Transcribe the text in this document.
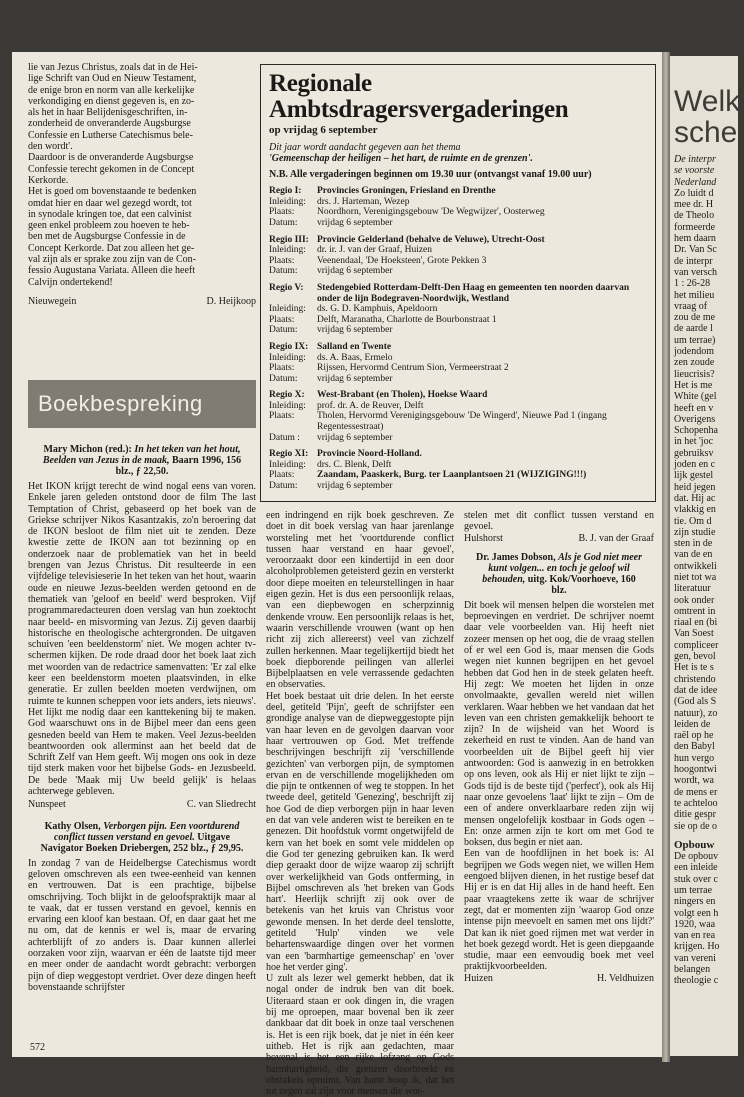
lie van Jezus Christus, zoals dat in de Hei-
lige Schrift van Oud en Nieuw Testament,
de enige bron en norm van alle kerkelijke
verkondiging en dienst gegeven is, en zo-
als het in haar Belijdenisgeschriften, in-
zonderheid de onveranderde Augsburgse
Confessie en Lutherse Catechismus bele-
den wordt'.
Daardoor is de onveranderde Augsburgse
Confessie terecht gekomen in de Concept
Kerkorde.
Het is goed om bovenstaande te bedenken
omdat hier en daar wel gezegd wordt, tot
in synodale kringen toe, dat een calvinist
geen enkel probleem zou hoeven te heb-
ben met de Augsburgse Confessie in de
Concept Kerkorde. Dat zou alleen het ge-
val zijn als er sprake zou zijn van de Con-
fessio Augustana Variata. Alleen die heeft
Calvijn ondertekend!
Nieuwegein	D. Heijkoop
Boekbespreking
Regionale Ambtsdragersvergaderingen
op vrijdag 6 september
Dit jaar wordt aandacht gegeven aan het thema
'Gemeenschap der heiligen – het hart, de ruimte en de grenzen'.
N.B. Alle vergaderingen beginnen om 19.30 uur (ontvangst vanaf 19.00 uur)
Regio I:	Provincies Groningen, Friesland en Drenthe
Inleiding:	drs. J. Harteman, Wezep
Plaats:	Noordhorn, Verenigingsgebouw 'De Wegwijzer', Oosterweg
Datum:	vrijdag 6 september
Regio III: Provincie Gelderland (behalve de Veluwe), Utrecht-Oost
Inleiding:	dr. ir. J. van der Graaf, Huizen
Plaats:	Veenendaal, 'De Hoeksteen', Grote Pekken 3
Datum:	vrijdag 6 september
Regio V:	Stedengebied Rotterdam-Delft-Den Haag en gemeenten ten noorden daarvan onder de lijn Bodegraven-Noordwijk, Westland
Inleiding:	ds. G. D. Kamphuis, Apeldoorn
Plaats:	Delft, Maranatha, Charlotte de Bourbonstraat 1
Datum:	vrijdag 6 september
Regio IX: Salland en Twente
Inleiding:	ds. A. Baas, Ermelo
Plaats:	Rijssen, Hervormd Centrum Sion, Vermeerstraat 2
Datum:	vrijdag 6 september
Regio X:	West-Brabant (en Tholen), Hoekse Waard
Inleiding:	prof. dr. A. de Reuver, Delft
Plaats:	Tholen, Hervormd Verenigingsgebouw 'De Wingerd', Nieuwe Pad 1 (ingang Regentessestraat)
Datum :	vrijdag 6 september
Regio XI: Provincie Noord-Holland.
Inleiding:	drs. C. Blenk, Delft
Plaats:	Zaandam, Paaskerk, Burg. ter Laanplantsoen 21 (WIJZIGING!!!)
Datum:	vrijdag 6 september
Mary Michon (red.): In het teken van het hout, Beelden van Jezus in de maak, Baarn 1996, 156 blz., ƒ 22,50.

Het IKON krijgt terecht de wind nogal eens van voren. Enkele jaren geleden ontstond door de film The last Temptation of Christ, gebaseerd op het boek van de Griekse schrijver Nikos Kasantzakis, zo'n beroering dat de IKON besloot de film niet uit te zenden. Deze kwestie zette de IKON aan tot bezinning op en onderzoek naar de problematiek van het in beeld brengen van Jezus Christus. Dit resulteerde in een vijfdelige televisieserie In het teken van het hout, waarin oude en nieuwe Jezus-beelden werden getoond en de thematiek van 'geloof en beeld' werd besproken. Vijf programmaredacteuren doen verslag van hun zoektocht naar beeld- en misvorming van Jezus. Zij geven daarbij historische en theologische achtergronden. De uitgaven schuiven 'een beeldenstorm' niet. We mogen achter tv-schermen kijken. De rode draad door het boek laat zich met woorden van de redactrice samenvatten: 'Er zal elke keer een beeldenstorm moeten plaatsvinden, in elke generatie. Er zullen beelden moeten verdwijnen, om ruimte te kunnen scheppen voor iets anders, iets nieuws'. Het lijkt me nodig daar een kanttekening bij te maken. God waarschuwt ons in de Bijbel meer dan eens geen gesneden beeld van Hem te maken. Veel Jezus-beelden beantwoorden ook allerminst aan het beeld dat de Schrift Zelf van Hem geeft. Wij mogen ons ook in deze tijd sterk maken voor het bijbelse Gods- en Jezusbeeld. De bede 'Maak mij Uw beeld gelijk' is helaas achterwege gebleven.

Nunspeet	C. van Sliedrecht
Kathy Olsen, Verborgen pijn. Een voortdurend conflict tussen verstand en gevoel. Uitgave Navigator Boeken Driebergen, 252 blz., ƒ 29,95.

In zondag 7 van de Heidelbergse Catechismus wordt geloven omschreven als een twee-eenheid van kennen en vertrouwen. Dat is een prachtige, bijbelse omschrijving. Toch blijkt in de geloofspraktijk maar al te vaak, dat er tussen verstand en gevoel, kennis en ervaring een kloof kan bestaan. Of, en daar gaat het me nu om, dat de kennis er wel is, maar de ervaring achterblijft of zo anders is. Daar kunnen allerlei oorzaken voor zijn, waarvan er één de laatste tijd meer en meer onder de aandacht wordt gebracht: verborgen pijn of diep weggestopt verdriet. Over deze dingen heeft bovenstaande schrijfster

een indringend en rijk boek geschreven. Ze doet in dit boek verslag van haar jarenlange worsteling met het 'voortdurende conflict tussen haar verstand en haar gevoel', veroorzaakt door een kindertijd in een door alcoholproblemen geteisterd gezin en versterkt door diepe moeiten en teleurstellingen in haar eigen gezin. Het is dus een persoonlijk relaas, van een diepbewogen en scherpzinnig denkende vrouw. Een persoonlijk relaas is het, waarin verschillende vrouwen (want op hen richt zij zich allereerst) veel van zichzelf zullen herkennen. Maar tegelijkertijd biedt het boek diepborende peilingen van allerlei Bijbelplaatsen en vele verrassende gedachten en observaties.

Het boek bestaat uit drie delen. In het eerste deel, getiteld 'Pijn', geeft de schrijfster een grondige analyse van de diepweggestopte pijn van haar leven en de gevolgen daarvan voor haar vertrouwen op God. Met treffende beschrijvingen beschrijft zij 'verschillende gezichten' van verborgen pijn, de symptomen ervan en de verschillende mogelijkheden om die pijn te ontkennen of weg te stoppen. In het tweede deel, getiteld 'Genezing', beschrijft zij hoe God de diep verborgen pijn in haar leven en dat van vele anderen wist te bereiken en te genezen. Dit hoofdstuk vormt ongetwijfeld de kern van het boek en somt vele middelen op die God ter genezing gebruiken kan. Ik werd diep geraakt door de wijze waarop zij schrijft over werkelijkheid van Gods ontferming, in Bijbel omschreven als 'het breken van Gods hart'. Heerlijk schrijft zij ook over de betekenis van het kruis van Christus voor gewonde mensen. In het derde deel tenslotte, getiteld 'Hulp' vinden we vele behartenswaardige dingen over het vormen van een 'barmhartige gemeenschap' en 'over hoe het verder ging'.

U zult als lezer wel gemerkt hebben, dat ik nogal onder de indruk ben van dit boek. Uiteraard staan er ook dingen in, die vragen bij me oproepen, maar bovenal ben ik zeer dankbaar dat dit boek in onze taal verschenen is. Het is een rijk boek, dat je niet in één keer uitheb. Het is rijk aan gedachten, maar bovenal is het een rijke lofzang op Gods barmhartigheid, die grenzen doorbreekt en obstakels opruimt. Van harte hoop ik, dat het tot zegen zal zijn voor mensen die wor-

stelen met dit conflict tussen verstand en gevoel.

Hulshorst	B. J. van der Graaf
Dr. James Dobson, Als je God niet meer kunt volgen... en toch je geloof wil behouden, uitg. Kok/Voorhoeve, 160 blz.

Dit boek wil mensen helpen die worstelen met beproevingen en verdriet. De schrijver noemt daar vele voorbeelden van. Hij heeft niet zozeer mensen op het oog, die de vraag stellen of er wel een God is, maar mensen die Gods wegen niet kunnen begrijpen en het gevoel hebben dat God hen in de steek gelaten heeft. Hij zegt: We moeten het lijden in onze onvolmaakte, gevallen wereld niet willen verklaren. Waar hebben we het vandaan dat het leven van een christen gemakkelijk behoort te zijn? In de wijsheid van het Woord is zekerheid en rust te vinden. Aan de hand van voorbeelden uit de Bijbel geeft hij vier antwoorden: God is aanwezig in en betrokken op ons leven, ook als Hij er niet lijkt te zijn – Gods tijd is de beste tijd ('perfect'), ook als Hij naar onze gevoelens 'laat' lijkt te zijn – Om de een of andere onverklaarbare reden zijn wij mensen ongelofelijk kostbaar in Gods ogen – En: onze armen zijn te kort om met God te boksen, dus begin er niet aan.

Een van de hoofdlijnen in het boek is: Al begrijpen we Gods wegen niet, we willen Hem eengoed blijven dienen, in het rustige besef dat Hij er is en dat Hij alles in de hand heeft. Een paar vraagtekens zette ik waar de schrijver zegt, dat er momenten zijn 'waarop God onze intense pijn meevoelt en samen met ons lijdt?' Dat kan ik niet goed rijmen met wat verder in het boek gezegd wordt. Het is geen diepgaande studie, maar een eenvoudig boek met veel praktijkvoorbeelden.

Huizen	H. Veldhuizen
572
Welk
sche
De interpr
se voorste
Nederland
Zo luidt d
mee dr. H
de Theolo
formeerde
hem daarn
Dr. Van Sc
de interpr
van versch
1 : 26-28
het milieu
vraag of
zou de me
de aarde l
um terrae)
jodendom
zen zoude
lieucrisis?
Het is me
White (gel
heeft en v
Overigens
Schopenha
in het 'joc
gebruiksv
joden en c
lijk gestel
heid jegen
dat. Hij ac
vlakkig en
tie. Om d
zijn studie
sten in de
van de en
ontwikkeli
niet tot wa
literatuur
ook onder
omtrent in
riaal en (bi
Van Soest
compliceer
gen, bevol
Het is te s
christendo
dat de idee
(God als S
natuur), zo
leiden de
raël op he
den Babyl
hun vergo
hoogontwi
wordt, wa
de mens er
te achteloo
ditie gespr
sie op de o
Opbouw
De opbouv
een inleide
stuk over c
um terrae
ningers en
volgt een h
1920, waa
van en rea
krijgen. Ho
van vereni
belangen
theologie c
